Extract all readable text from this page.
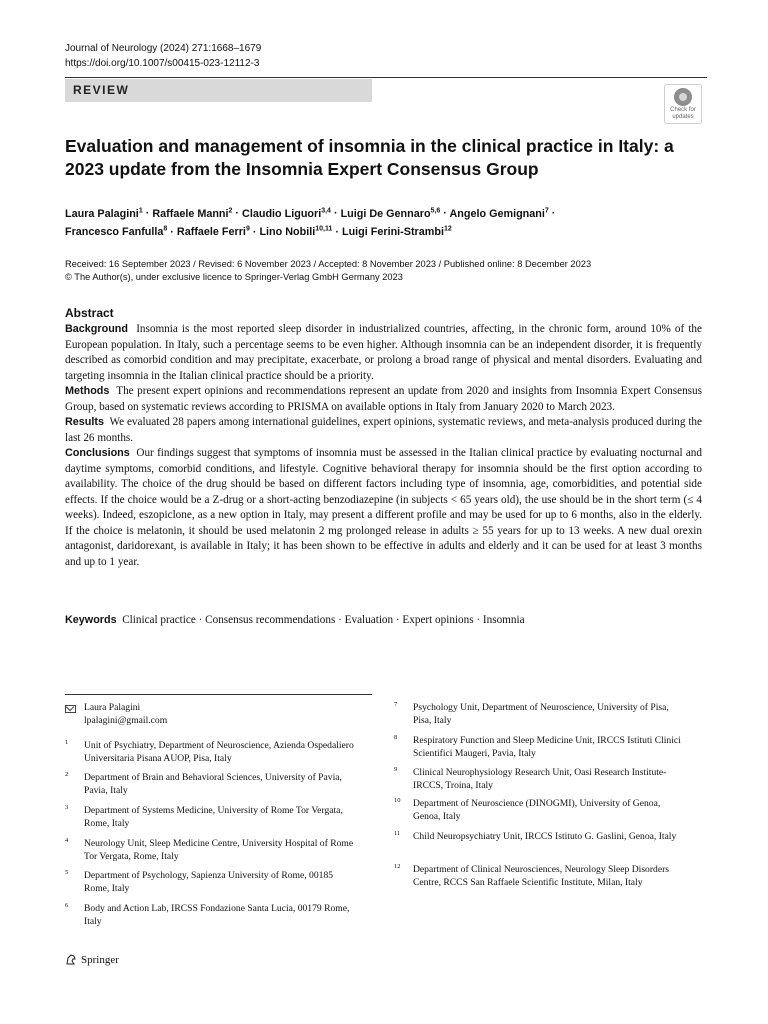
Journal of Neurology (2024) 271:1668–1679
https://doi.org/10.1007/s00415-023-12112-3
REVIEW
Check for
updates
Evaluation and management of insomnia in the clinical practice in Italy: a 2023 update from the Insomnia Expert Consensus Group
Laura Palagini$^1$ · Raffaele Manni$^2$ · Claudio Liguori$^{3,4}$ · Luigi De Gennaro$^{5,6}$ · Angelo Gemignani$^7$ ·
Francesco Fanfulla$^8$ · Raffaele Ferri$^9$ · Lino Nobili$^{10,11}$ · Luigi Ferini-Strambi$^{12}$
Received: 16 September 2023 / Revised: 6 November 2023 / Accepted: 8 November 2023 / Published online: 8 December 2023
© The Author(s), under exclusive licence to Springer-Verlag GmbH Germany 2023
Abstract

Background Insomnia is the most reported sleep disorder in industrialized countries, affecting, in the chronic form, around 10% of the European population. In Italy, such a percentage seems to be even higher. Although insomnia can be an independent disorder, it is frequently described as comorbid condition and may precipitate, exacerbate, or prolong a broad range of physical and mental disorders. Evaluating and targeting insomnia in the Italian clinical practice should be a priority.

Methods The present expert opinions and recommendations represent an update from 2020 and insights from Insomnia Expert Consensus Group, based on systematic reviews according to PRISMA on available options in Italy from January 2020 to March 2023.

Results We evaluated 28 papers among international guidelines, expert opinions, systematic reviews, and meta-analysis produced during the last 26 months.

Conclusions Our findings suggest that symptoms of insomnia must be assessed in the Italian clinical practice by evaluating nocturnal and daytime symptoms, comorbid conditions, and lifestyle. Cognitive behavioral therapy for insomnia should be the first option according to availability. The choice of the drug should be based on different factors including type of insomnia, age, comorbidities, and potential side effects. If the choice would be a Z-drug or a short-acting benzodiazepine (in subjects < 65 years old), the use should be in the short term (≤ 4 weeks). Indeed, eszopiclone, as a new option in Italy, may present a different profile and may be used for up to 6 months, also in the elderly. If the choice is melatonin, it should be used melatonin 2 mg prolonged release in adults ≥ 55 years for up to 13 weeks. A new dual orexin antagonist, daridorexant, is available in Italy; it has been shown to be effective in adults and elderly and it can be used for at least 3 months and up to 1 year.

Keywords Clinical practice · Consensus recommendations · Evaluation · Expert opinions · Insomnia
Laura Palagini
lpalagini@gmail.com
1 Unit of Psychiatry, Department of Neuroscience, Azienda Ospedaliero Universitaria Pisana AUOP, Pisa, Italy
2 Department of Brain and Behavioral Sciences, University of Pavia, Pavia, Italy
3 Department of Systems Medicine, University of Rome Tor Vergata, Rome, Italy
4 Neurology Unit, Sleep Medicine Centre, University Hospital of Rome Tor Vergata, Rome, Italy
5 Department of Psychology, Sapienza University of Rome, 00185 Rome, Italy
6 Body and Action Lab, IRCSS Fondazione Santa Lucia, 00179 Rome, Italy
7 Psychology Unit, Department of Neuroscience, University of Pisa, Pisa, Italy
8 Respiratory Function and Sleep Medicine Unit, IRCCS Istituti Clinici Scientifici Maugeri, Pavia, Italy
9 Clinical Neurophysiology Research Unit, Oasi Research Institute-IRCCS, Troina, Italy
10 Department of Neuroscience (DINOGMI), University of Genoa, Genoa, Italy
11 Child Neuropsychiatry Unit, IRCCS Istituto G. Gaslini, Genoa, Italy
12 Department of Clinical Neurosciences, Neurology Sleep Disorders Centre, RCCS San Raffaele Scientific Institute, Milan, Italy
Springer
